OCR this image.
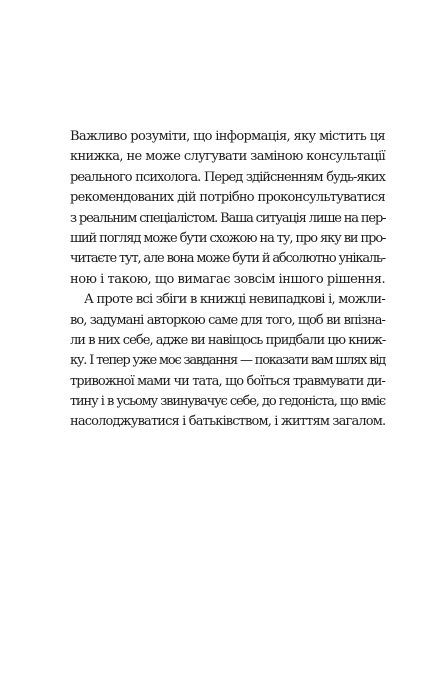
Важливо розуміти, що інформація, яку містить ця
книжка, не може слугувати заміною консультації
реального психолога. Перед здійсненням будь-яких
рекомендованих дій потрібно проконсультуватися
з реальним спеціалістом. Ваша ситуація лише на пер-
ший погляд може бути схожою на ту, про яку ви про-
читаєте тут, але вона може бути й абсолютно унікаль-
ною і такою, що вимагає зовсім іншого рішення.
А проте всі збіги в книжці невипадкові і, можли-
во, задумані авторкою саме для того, щоб ви впізна-
ли в них себе, адже ви навіщось придбали цю книж-
ку. І тепер уже моє завдання — показати вам шлях від
тривожної мами чи тата, що боїться травмувати ди-
тину і в усьому звинувачує себе, до гедоніста, що вміє
насолоджуватися і батьківством, і життям загалом.
